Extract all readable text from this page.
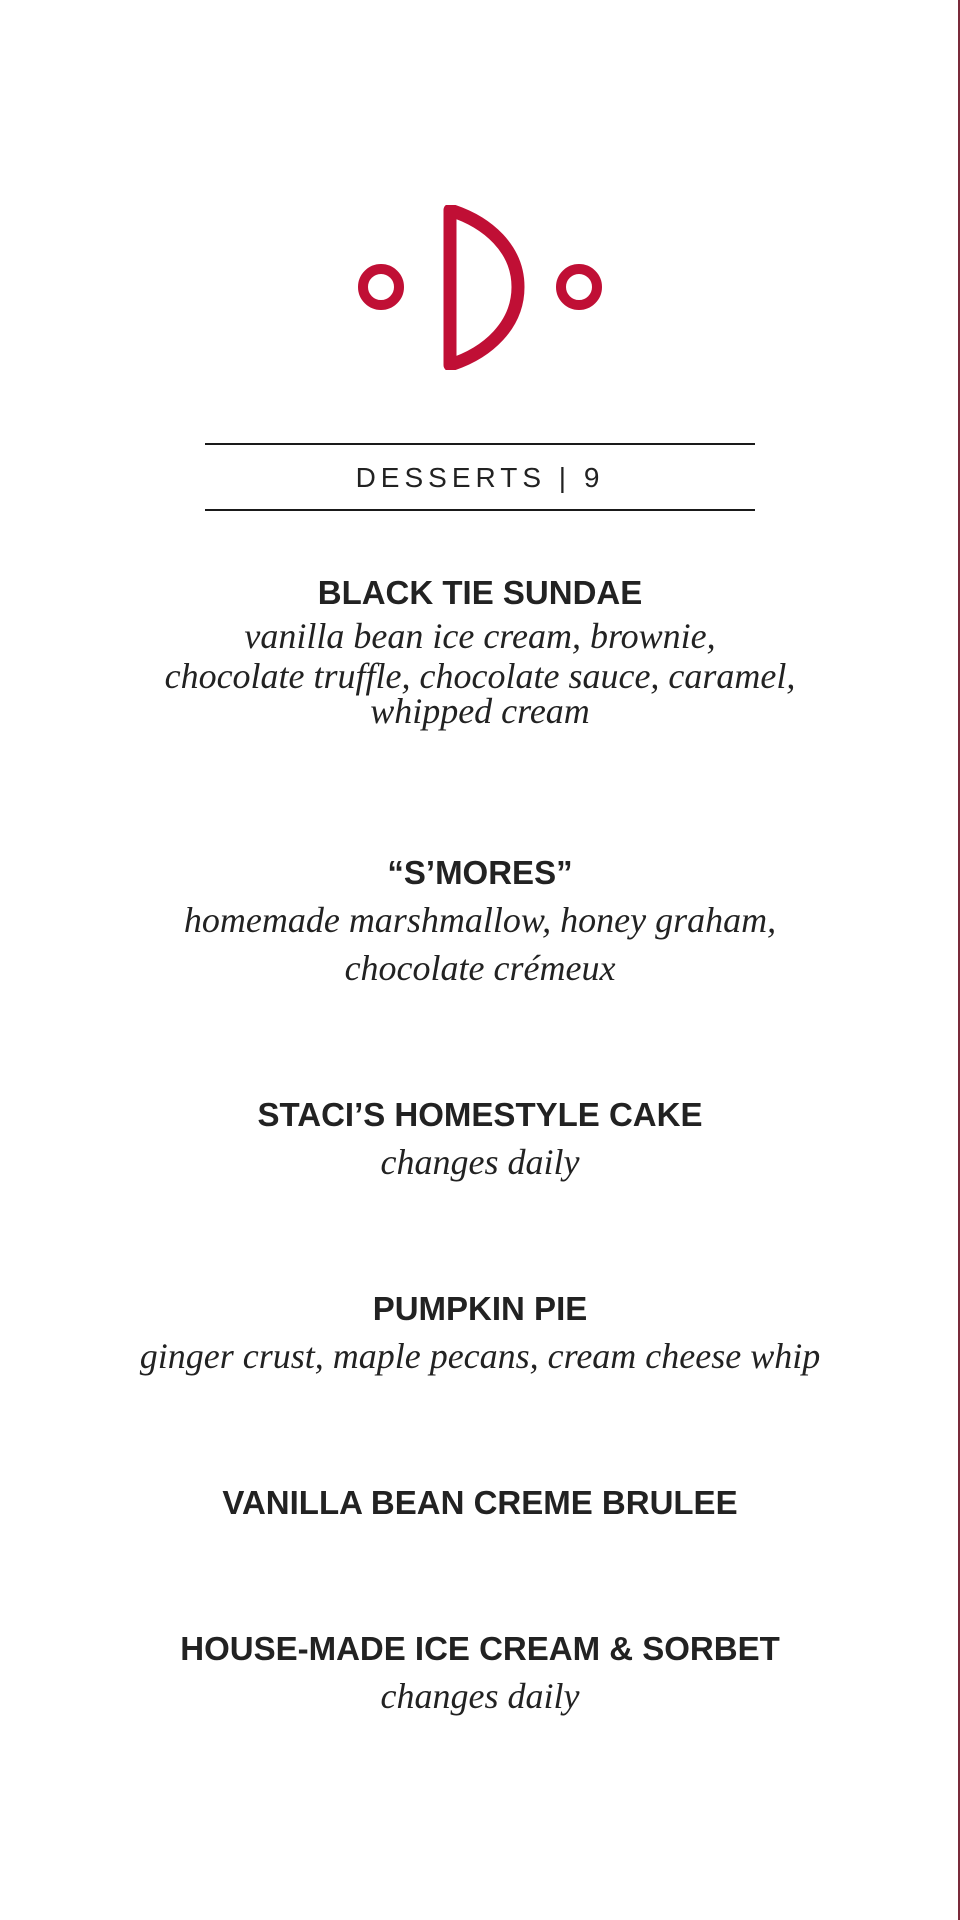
DESSERTS | 9

BLACK TIE SUNDAE

vanilla bean ice cream, brownie,
chocolate truffle, chocolate sauce, caramel,
whipped cream

“S’MORES”

homemade marshmallow, honey graham,
chocolate crémeux

STACI’S HOMESTYLE CAKE

changes daily

PUMPKIN PIE

ginger crust, maple pecans, cream cheese whip

VANILLA BEAN CREME BRULEE

HOUSE-MADE ICE CREAM & SORBET

changes daily
